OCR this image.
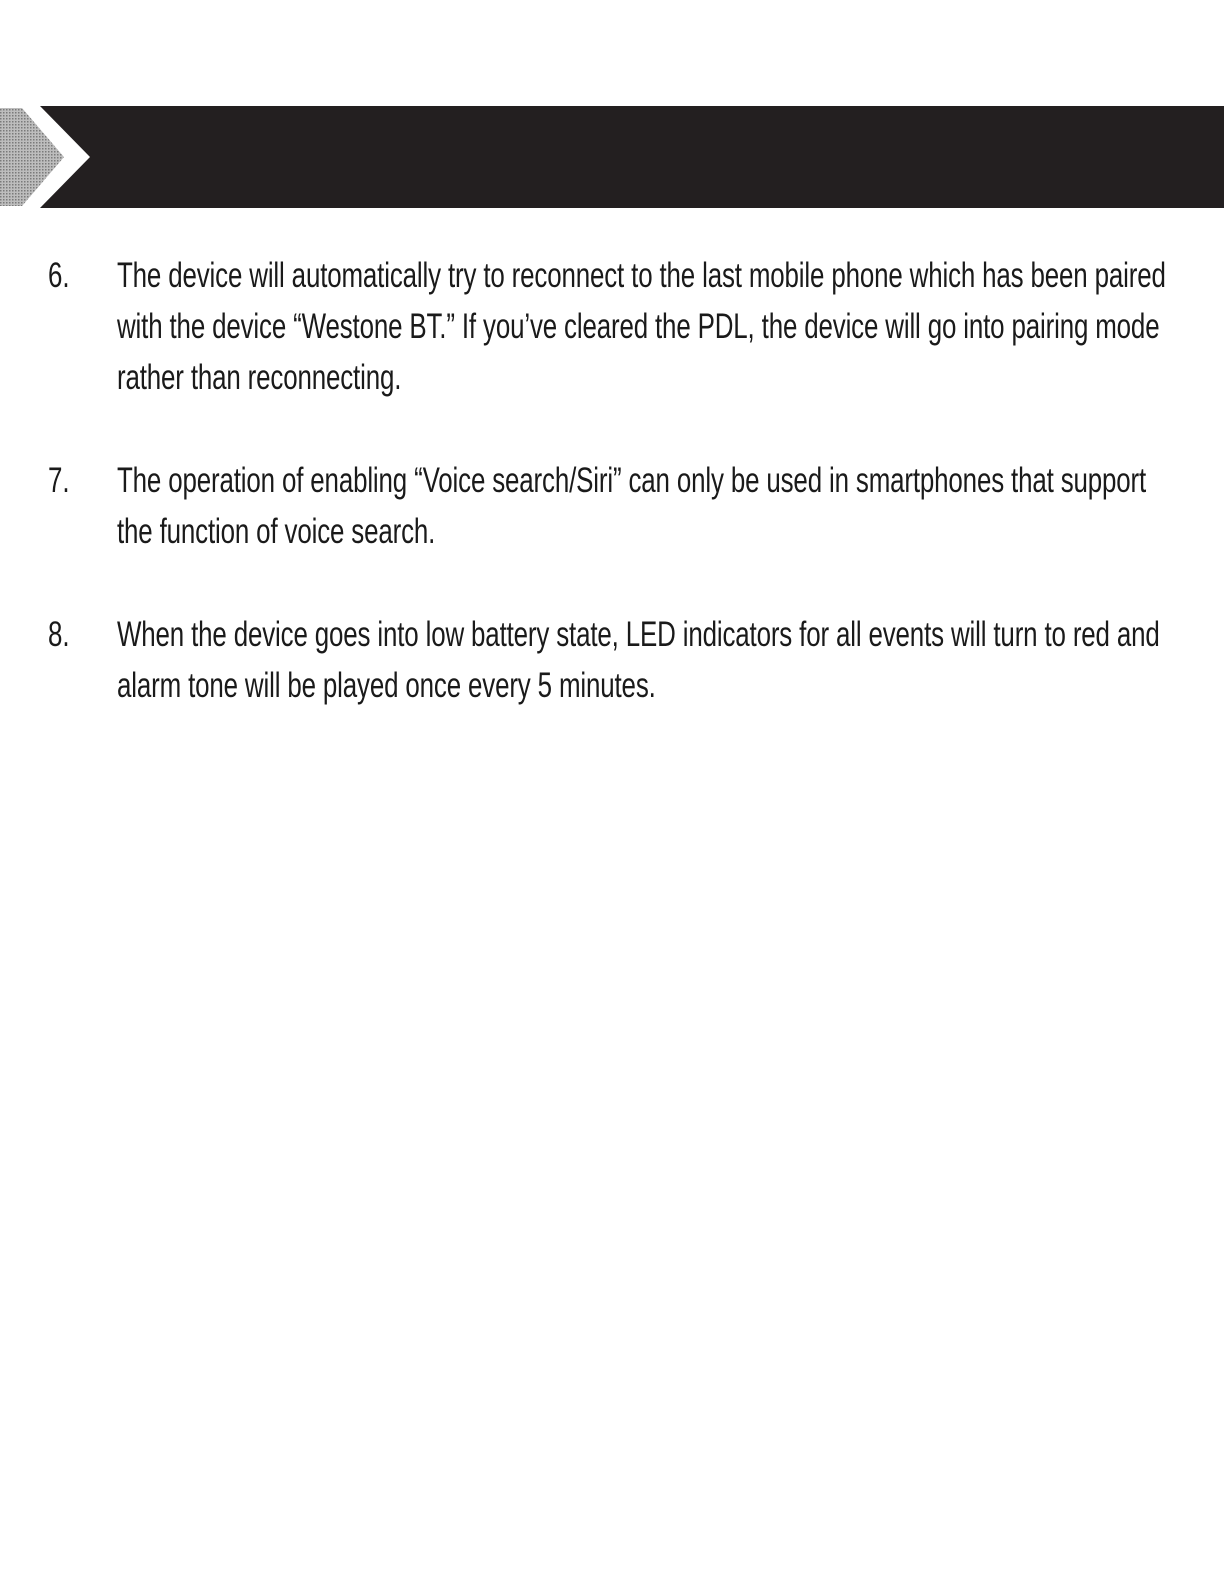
6. The device will automatically try to reconnect to the last mobile phone which has been paired with the device “Westone BT.” If you’ve cleared the PDL, the device will go into pairing mode rather than reconnecting.
7. The operation of enabling “Voice search/Siri” can only be used in smartphones that support the function of voice search.
8. When the device goes into low battery state, LED indicators for all events will turn to red and alarm tone will be played once every 5 minutes.
